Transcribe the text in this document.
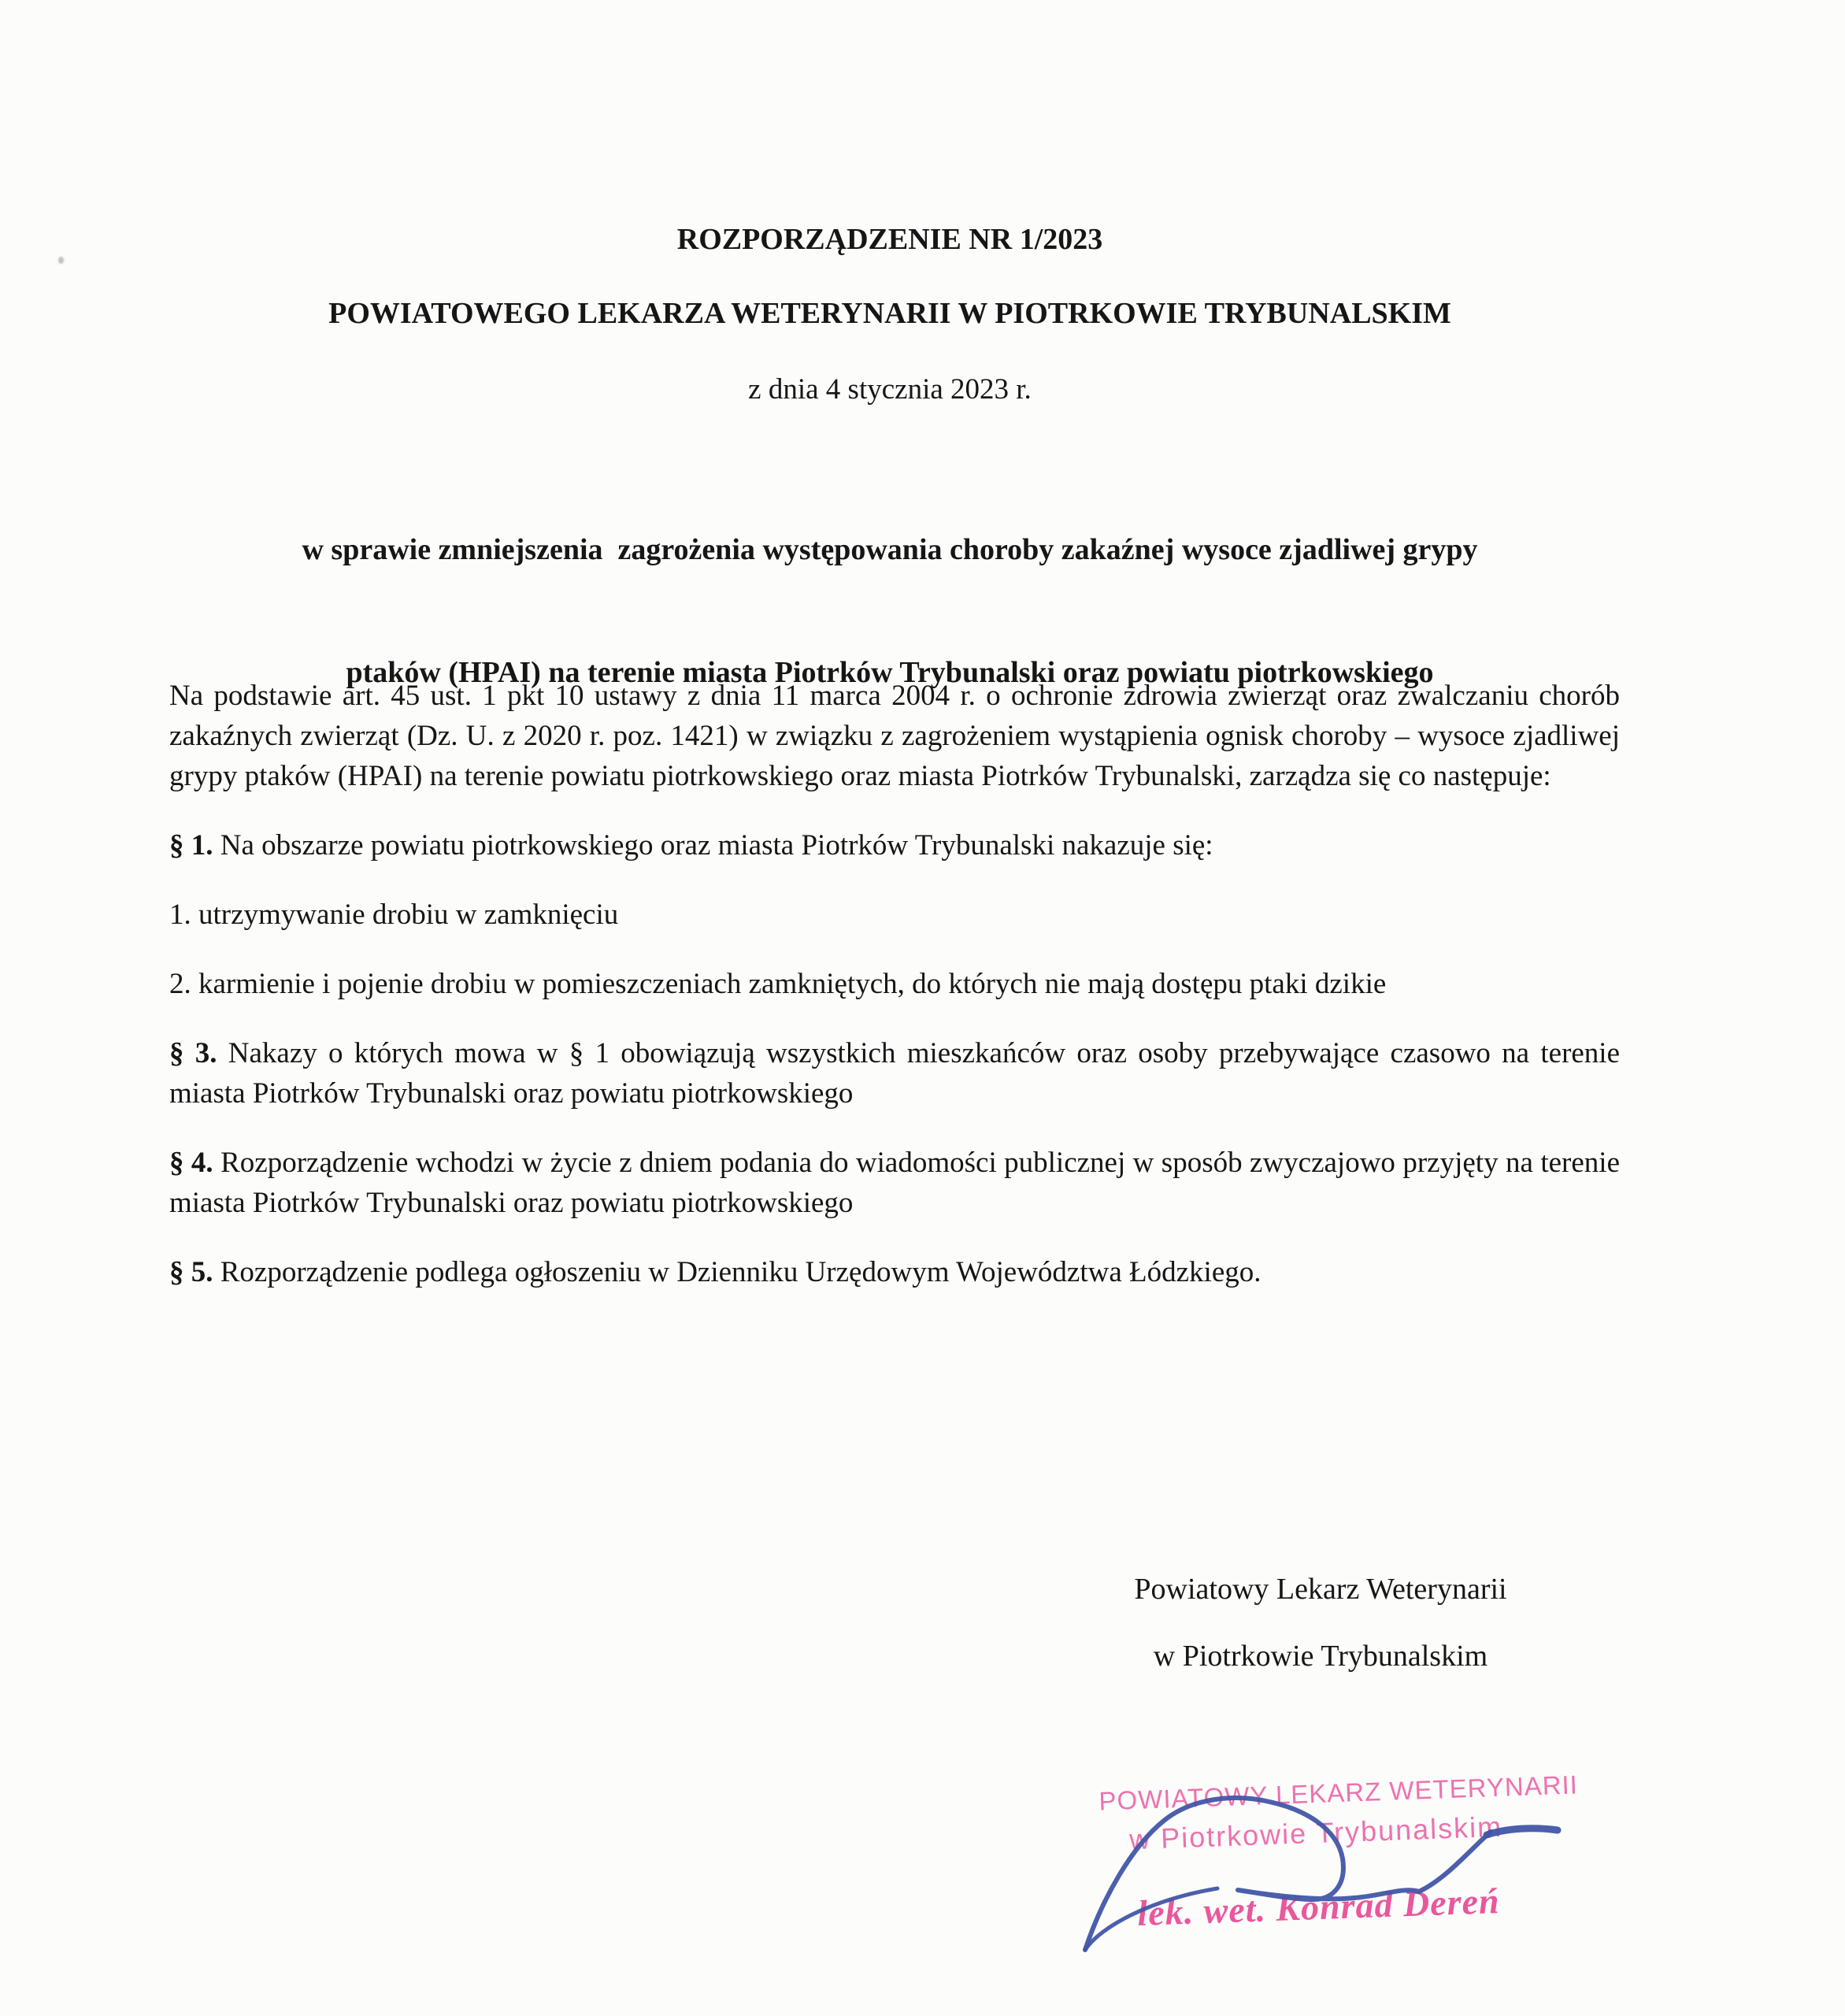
ROZPORZĄDZENIE NR 1/2023
POWIATOWEGO LEKARZA WETERYNARII W PIOTRKOWIE TRYBUNALSKIM
z dnia 4 stycznia 2023 r.

w sprawie zmniejszenia  zagrożenia występowania choroby zakaźnej wysoce zjadliwej grypy

ptaków (HPAI) na terenie miasta Piotrków Trybunalski oraz powiatu piotrkowskiego

Na podstawie art. 45 ust. 1 pkt 10 ustawy z dnia 11 marca 2004 r. o ochronie zdrowia zwierząt oraz zwalczaniu chorób zakaźnych zwierząt (Dz. U. z 2020 r. poz. 1421) w związku z zagrożeniem wystąpienia ognisk choroby – wysoce zjadliwej grypy ptaków (HPAI) na terenie powiatu piotrkowskiego oraz miasta Piotrków Trybunalski, zarządza się co następuje:

§ 1. Na obszarze powiatu piotrkowskiego oraz miasta Piotrków Trybunalski nakazuje się:

1. utrzymywanie drobiu w zamknięciu

2. karmienie i pojenie drobiu w pomieszczeniach zamkniętych, do których nie mają dostępu ptaki dzikie

§ 3. Nakazy o których mowa w § 1 obowiązują wszystkich mieszkańców oraz osoby przebywające czasowo na terenie miasta Piotrków Trybunalski oraz powiatu piotrkowskiego

§ 4. Rozporządzenie wchodzi w życie z dniem podania do wiadomości publicznej w sposób zwyczajowo przyjęty na terenie miasta Piotrków Trybunalski oraz powiatu piotrkowskiego

§ 5. Rozporządzenie podlega ogłoszeniu w Dzienniku Urzędowym Województwa Łódzkiego.

Powiatowy Lekarz Weterynarii
w Piotrkowie Trybunalskim
POWIATOWY LEKARZ WETERYNARII
w Piotrkowie Trybunalskim
lek. wet. Konrad Dereń
